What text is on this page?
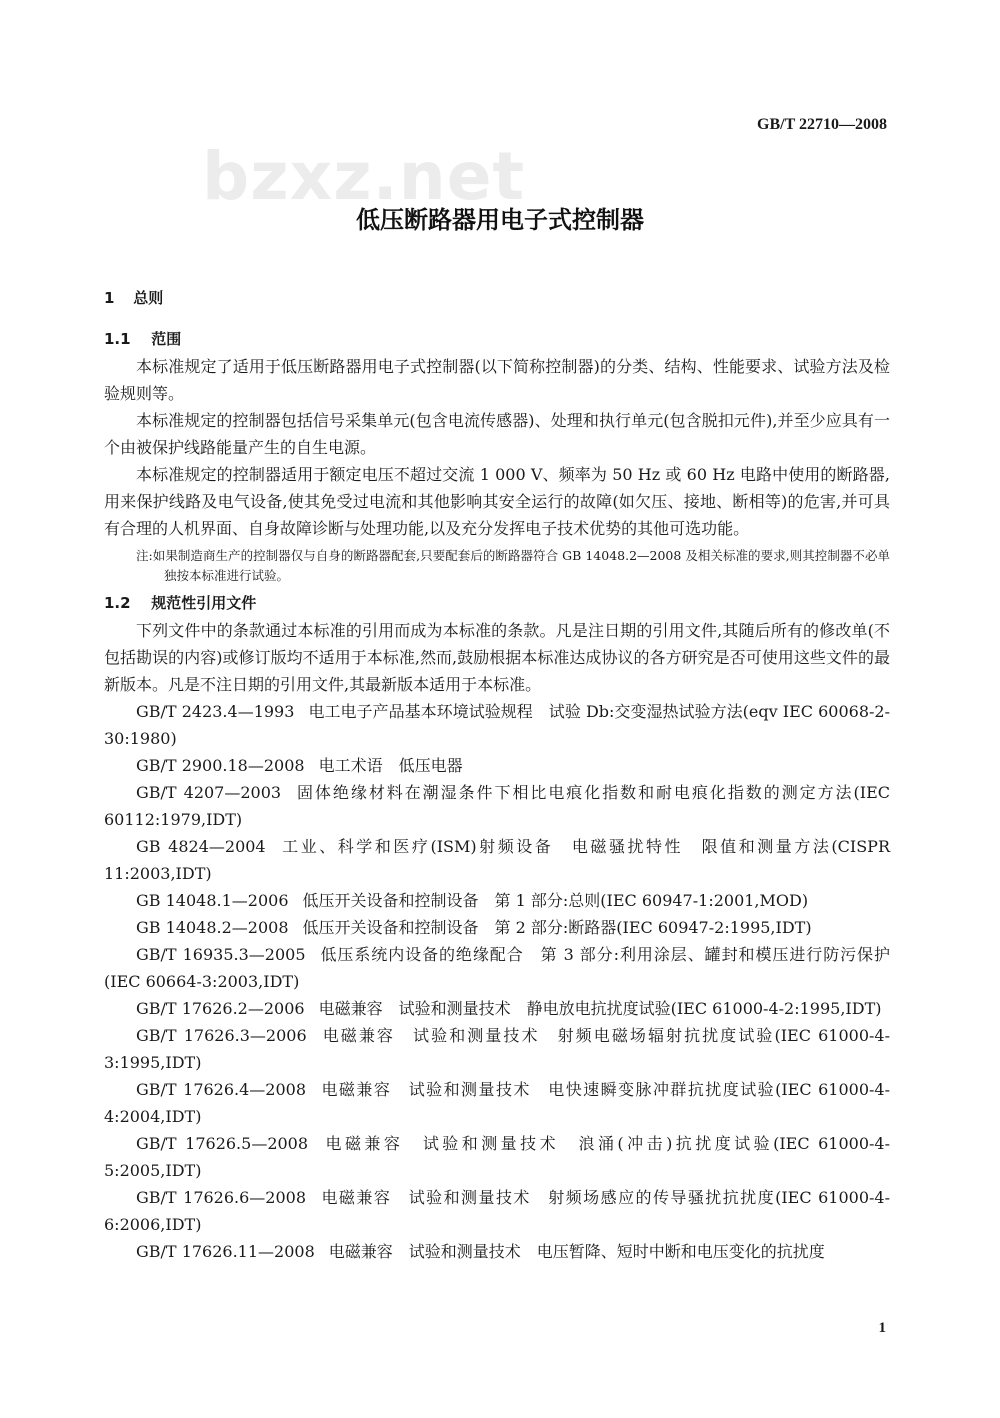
GB/T 22710—2008
bzxz.net
低压断路器用电子式控制器
1 总则
1.1 范围

本标准规定了适用于低压断路器用电子式控制器(以下简称控制器)的分类、结构、性能要求、试验方法及检验规则等。

本标准规定的控制器包括信号采集单元(包含电流传感器)、处理和执行单元(包含脱扣元件),并至少应具有一个由被保护线路能量产生的自生电源。

本标准规定的控制器适用于额定电压不超过交流 1 000 V、频率为 50 Hz 或 60 Hz 电路中使用的断路器,用来保护线路及电气设备,使其免受过电流和其他影响其安全运行的故障(如欠压、接地、断相等)的危害,并可具有合理的人机界面、自身故障诊断与处理功能,以及充分发挥电子技术优势的其他可选功能。

注:如果制造商生产的控制器仅与自身的断路器配套,只要配套后的断路器符合 GB 14048.2—2008 及相关标准的要求,则其控制器不必单独按本标准进行试验。

1.2 规范性引用文件

下列文件中的条款通过本标准的引用而成为本标准的条款。凡是注日期的引用文件,其随后所有的修改单(不包括勘误的内容)或修订版均不适用于本标准,然而,鼓励根据本标准达成协议的各方研究是否可使用这些文件的最新版本。凡是不注日期的引用文件,其最新版本适用于本标准。

GB/T 2423.4—1993 电工电子产品基本环境试验规程　试验 Db:交变湿热试验方法(eqv IEC 60068-2-30:1980)

GB/T 2900.18—2008 电工术语　低压电器

GB/T 4207—2003 固体绝缘材料在潮湿条件下相比电痕化指数和耐电痕化指数的测定方法(IEC 60112:1979,IDT)

GB 4824—2004 工业、科学和医疗(ISM)射频设备　电磁骚扰特性　限值和测量方法(CISPR 11:2003,IDT)

GB 14048.1—2006 低压开关设备和控制设备　第 1 部分:总则(IEC 60947-1:2001,MOD)

GB 14048.2—2008 低压开关设备和控制设备　第 2 部分:断路器(IEC 60947-2:1995,IDT)

GB/T 16935.3—2005 低压系统内设备的绝缘配合　第 3 部分:利用涂层、罐封和模压进行防污保护(IEC 60664-3:2003,IDT)

GB/T 17626.2—2006 电磁兼容　试验和测量技术　静电放电抗扰度试验(IEC 61000-4-2:1995,IDT)

GB/T 17626.3—2006 电磁兼容　试验和测量技术　射频电磁场辐射抗扰度试验(IEC 61000-4-3:1995,IDT)

GB/T 17626.4—2008 电磁兼容　试验和测量技术　电快速瞬变脉冲群抗扰度试验(IEC 61000-4-4:2004,IDT)

GB/T 17626.5—2008 电磁兼容　试验和测量技术　浪涌(冲击)抗扰度试验(IEC 61000-4-5:2005,IDT)

GB/T 17626.6—2008 电磁兼容　试验和测量技术　射频场感应的传导骚扰抗扰度(IEC 61000-4-6:2006,IDT)

GB/T 17626.11—2008 电磁兼容　试验和测量技术　电压暂降、短时中断和电压变化的抗扰度

1
